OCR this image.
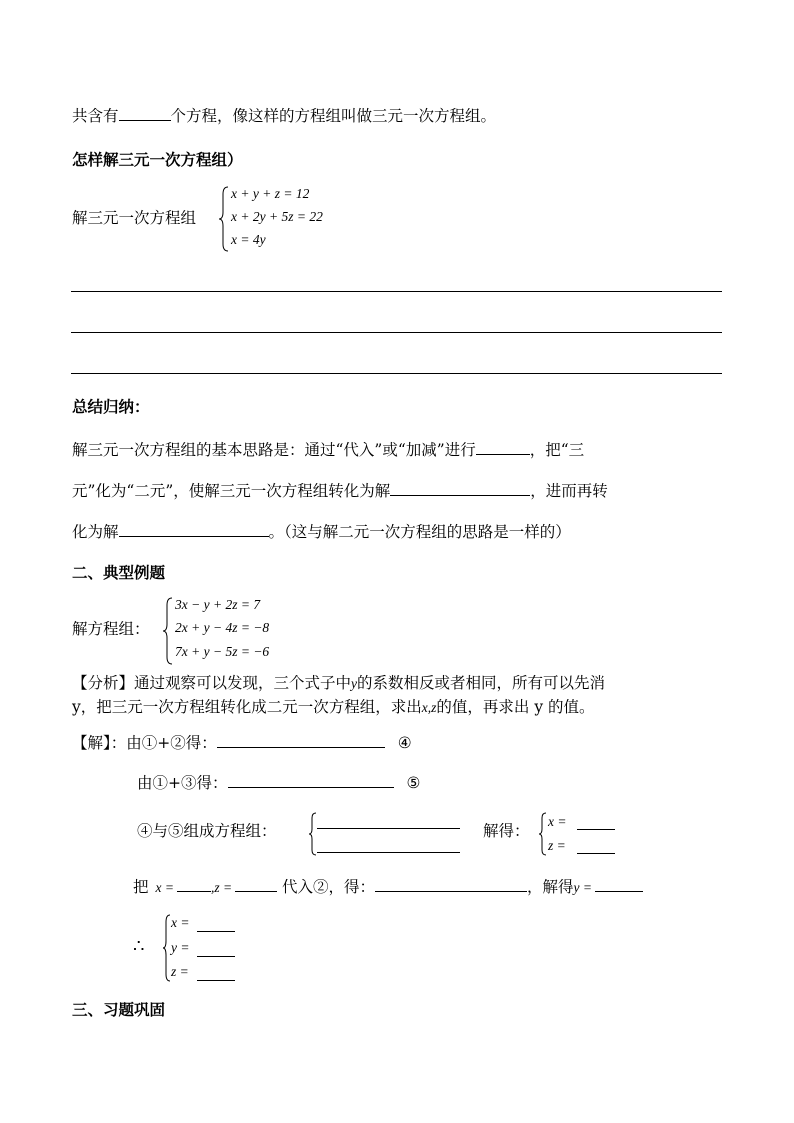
共含有	个方程，像这样的方程组叫做三元一次方程组。
怎样解三元一次方程组）
解三元一次方程组
x + y + z = 12
x + 2y + 5z = 22
x = 4y
总结归纳：
解三元一次方程组的基本思路是：通过“代入”或“加减”进行	，把“三
元”化为“二元”，使解三元一次方程组转化为解	，进而再转
化为解	。（这与解二元一次方程组的思路是一样的）
二、典型例题
解方程组：
3x − y + 2z = 7
2x + y − 4z = −8
7x + y − 5z = −6
【分析】通过观察可以发现，三个式子中y的系数相反或者相同，所有可以先消
y，把三元一次方程组转化成二元一次方程组，求出x,z的值，再求出 y 的值。
【解】：由①+②得：	④
由①+③得：	⑤
④与⑤组成方程组：	解得：
x =
z =
把 x =	,z =	代入②，得：	，解得y =
∴
x =
y =
z =
三、习题巩固
